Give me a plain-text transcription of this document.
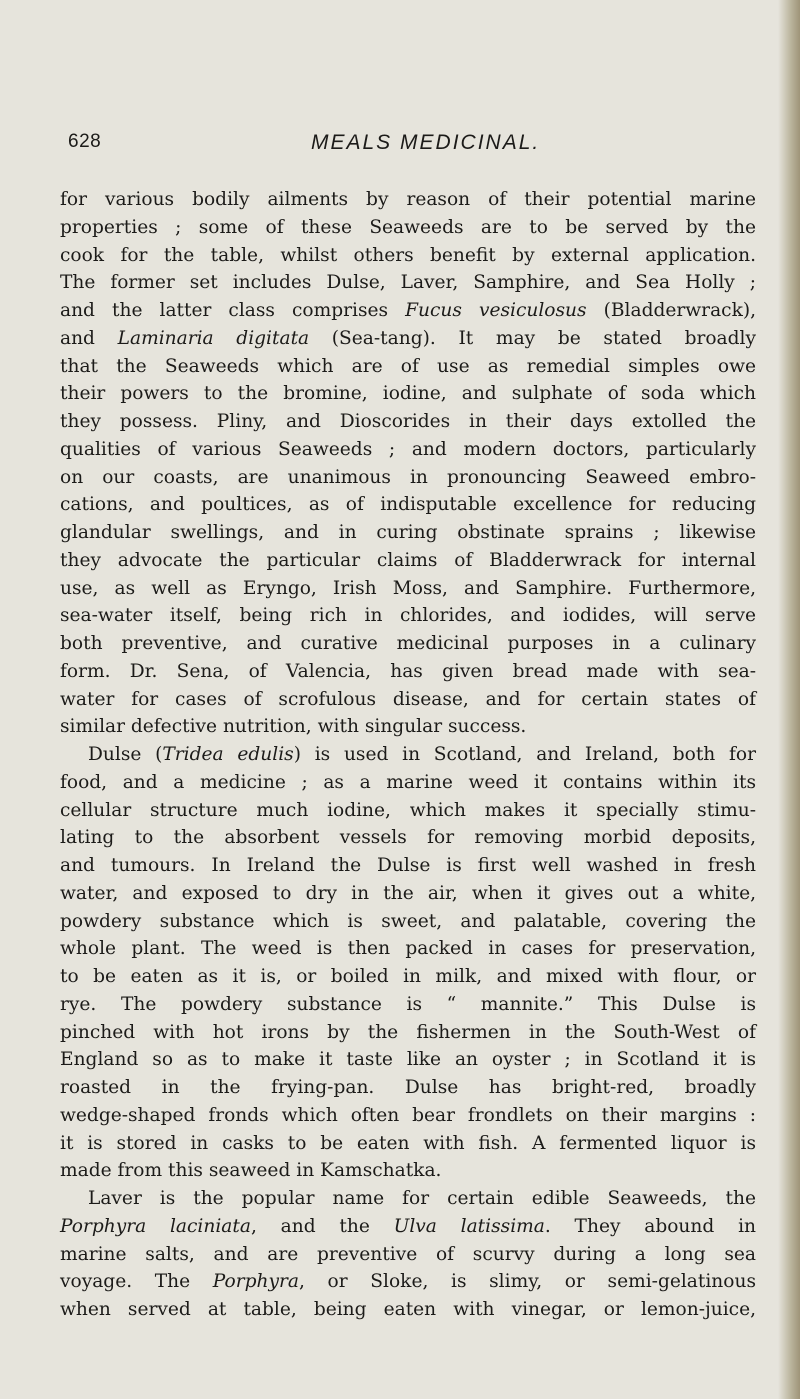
628	MEALS MEDICINAL.
for various bodily ailments by reason of their potential marine
properties ; some of these Seaweeds are to be served by the
cook for the table, whilst others benefit by external application.
The former set includes Dulse, Laver, Samphire, and Sea Holly ;
and the latter class comprises Fucus vesiculosus (Bladderwrack),
and Laminaria digitata (Sea-tang). It may be stated broadly
that the Seaweeds which are of use as remedial simples owe
their powers to the bromine, iodine, and sulphate of soda which
they possess. Pliny, and Dioscorides in their days extolled the
qualities of various Seaweeds ; and modern doctors, particularly
on our coasts, are unanimous in pronouncing Seaweed embro-
cations, and poultices, as of indisputable excellence for reducing
glandular swellings, and in curing obstinate sprains ; likewise
they advocate the particular claims of Bladderwrack for internal
use, as well as Eryngo, Irish Moss, and Samphire. Furthermore,
sea-water itself, being rich in chlorides, and iodides, will serve
both preventive, and curative medicinal purposes in a culinary
form. Dr. Sena, of Valencia, has given bread made with sea-
water for cases of scrofulous disease, and for certain states of
similar defective nutrition, with singular success.
Dulse (Tridea edulis) is used in Scotland, and Ireland, both for
food, and a medicine ; as a marine weed it contains within its
cellular structure much iodine, which makes it specially stimu-
lating to the absorbent vessels for removing morbid deposits,
and tumours. In Ireland the Dulse is first well washed in fresh
water, and exposed to dry in the air, when it gives out a white,
powdery substance which is sweet, and palatable, covering the
whole plant. The weed is then packed in cases for preservation,
to be eaten as it is, or boiled in milk, and mixed with flour, or
rye. The powdery substance is “ mannite.” This Dulse is
pinched with hot irons by the fishermen in the South-West of
England so as to make it taste like an oyster ; in Scotland it is
roasted in the frying-pan. Dulse has bright-red, broadly
wedge-shaped fronds which often bear frondlets on their margins :
it is stored in casks to be eaten with fish. A fermented liquor is
made from this seaweed in Kamschatka.
Laver is the popular name for certain edible Seaweeds, the
Porphyra laciniata, and the Ulva latissima. They abound in
marine salts, and are preventive of scurvy during a long sea
voyage. The Porphyra, or Sloke, is slimy, or semi-gelatinous
when served at table, being eaten with vinegar, or lemon-juice,
